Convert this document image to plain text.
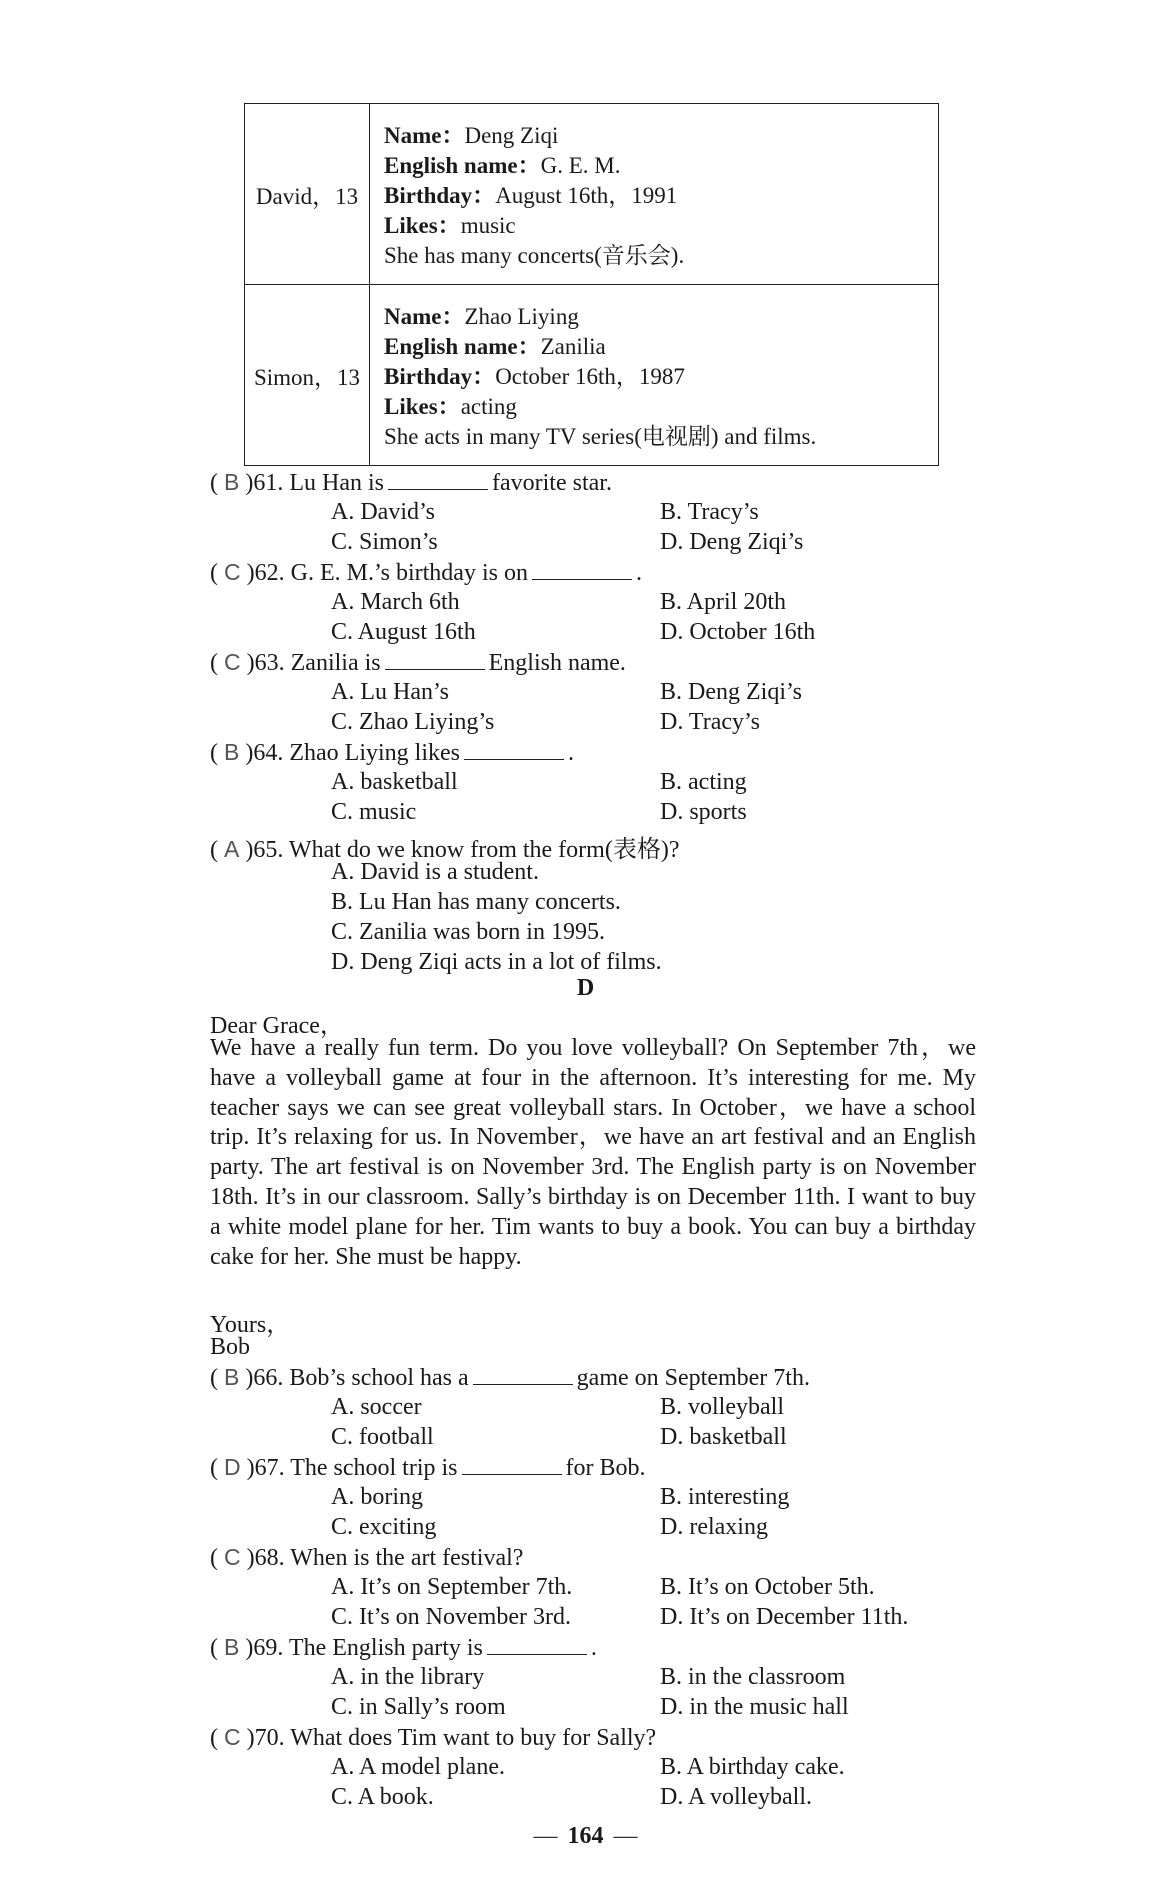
David，13	Name：Deng Ziqi
English name：G. E. M.
Birthday：August 16th，1991
Likes：music
She has many concerts(音乐会).

Simon，13	Name：Zhao Liying
English name：Zanilia
Birthday：October 16th，1987
Likes：acting
She acts in many TV series(电视剧) and films.
( B )61. Lu Han is	favorite star.
A. David’s	B. Tracy’s
C. Simon’s	D. Deng Ziqi’s
( C )62. G. E. M.’s birthday is on	.
A. March 6th	B. April 20th
C. August 16th	D. October 16th
( C )63. Zanilia is	English name.
A. Lu Han’s	B. Deng Ziqi’s
C. Zhao Liying’s	D. Tracy’s
( B )64. Zhao Liying likes	.
A. basketball	B. acting
C. music	D. sports
( A )65. What do we know from the form(表格)?
A. David is a student.
B. Lu Han has many concerts.
C. Zanilia was born in 1995.
D. Deng Ziqi acts in a lot of films.
D
Dear Grace，
We have a really fun term. Do you love volleyball? On September 7th，we have a volleyball game at four in the afternoon. It’s interesting for me. My teacher says we can see great volleyball stars. In October，we have a school trip. It’s relaxing for us. In November，we have an art festival and an English party. The art festival is on November 3rd. The English party is on November 18th. It’s in our classroom. Sally’s birthday is on December 11th. I want to buy a white model plane for her. Tim wants to buy a book. You can buy a birthday cake for her. She must be happy.
Yours，
Bob
( B )66. Bob’s school has a	game on September 7th.
A. soccer	B. volleyball
C. football	D. basketball
( D )67. The school trip is	for Bob.
A. boring	B. interesting
C. exciting	D. relaxing
( C )68. When is the art festival?
A. It’s on September 7th.	B. It’s on October 5th.
C. It’s on November 3rd.	D. It’s on December 11th.
( B )69. The English party is	.
A. in the library	B. in the classroom
C. in Sally’s room	D. in the music hall
( C )70. What does Tim want to buy for Sally?
A. A model plane.	B. A birthday cake.
C. A book.	D. A volleyball.
— 164 —
